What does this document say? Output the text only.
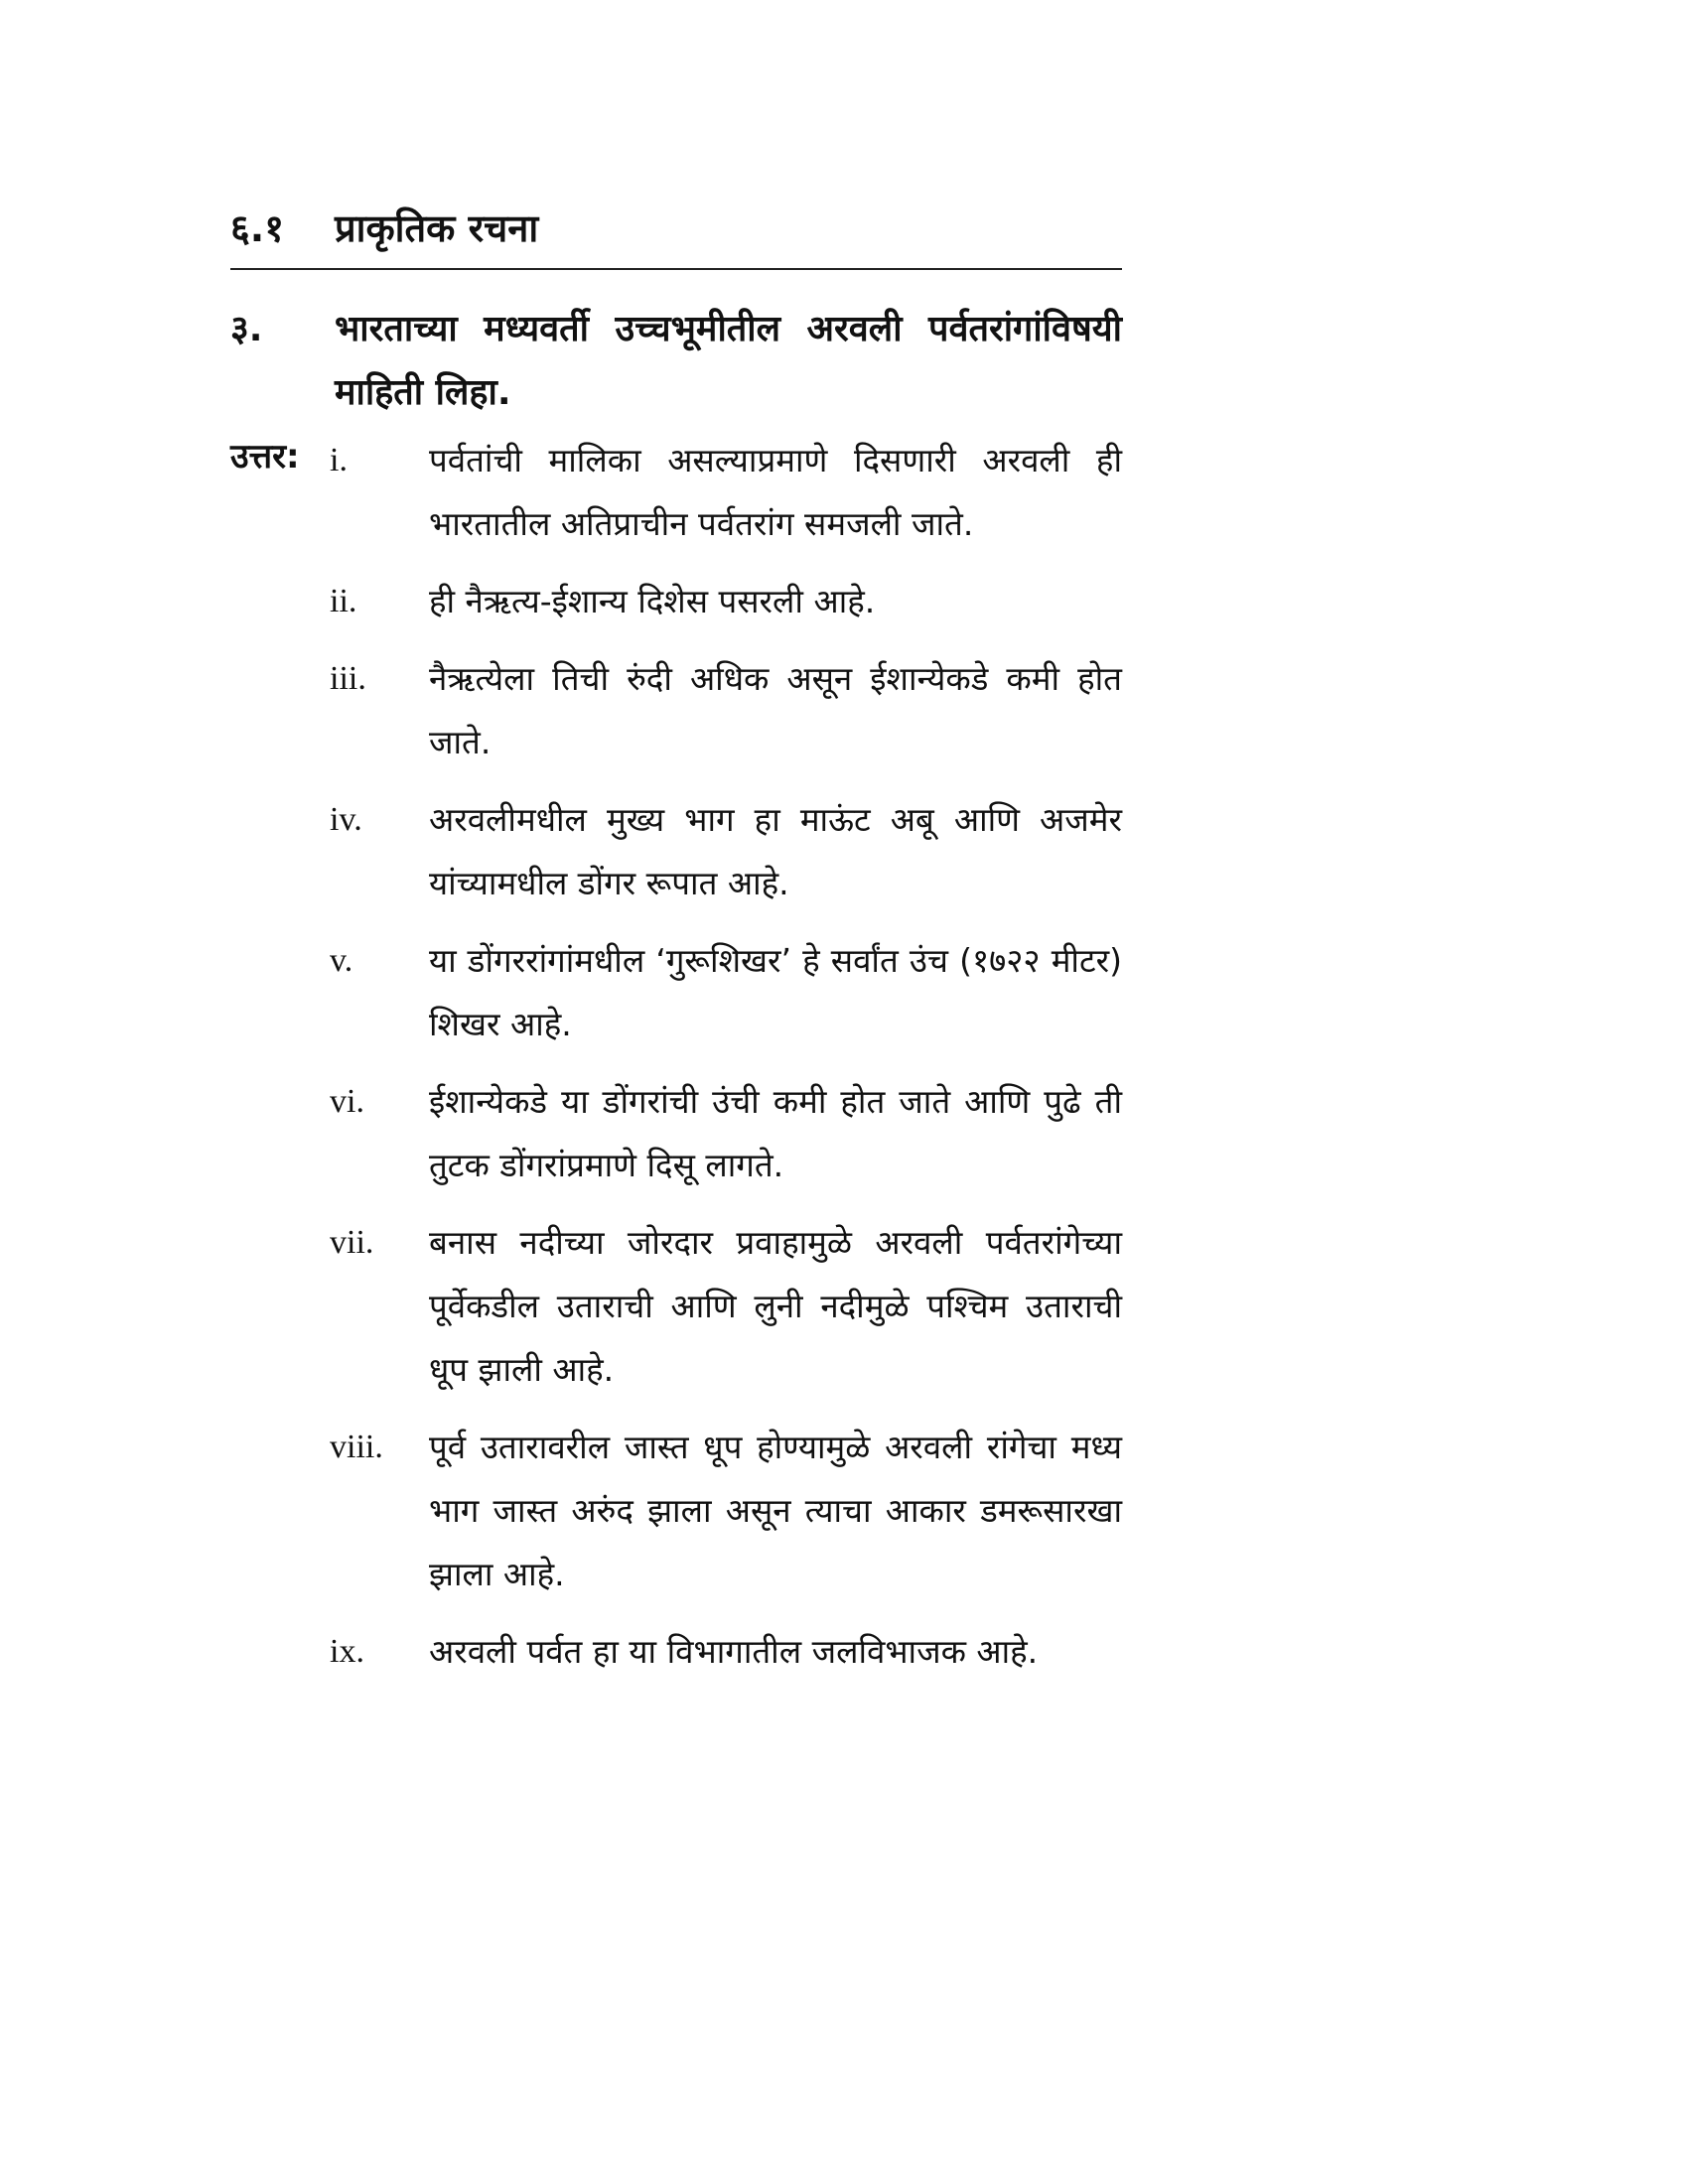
६.१ प्राकृतिक रचना
३. भारताच्या मध्यवर्ती उच्चभूमीतील अरवली पर्वतरांगांविषयी माहिती लिहा.
उत्तर: i. पर्वतांची मालिका असल्याप्रमाणे दिसणारी अरवली ही भारतातील अतिप्राचीन पर्वतरांग समजली जाते.
ii. ही नैऋत्य-ईशान्य दिशेस पसरली आहे.
iii. नैऋत्येला तिची रुंदी अधिक असून ईशान्येकडे कमी होत जाते.
iv. अरवलीमधील मुख्य भाग हा माऊंट अबू आणि अजमेर यांच्यामधील डोंगर रूपात आहे.
v. या डोंगररांगांमधील ‘गुरूशिखर’ हे सर्वांत उंच (१७२२ मीटर) शिखर आहे.
vi. ईशान्येकडे या डोंगरांची उंची कमी होत जाते आणि पुढे ती तुटक डोंगरांप्रमाणे दिसू लागते.
vii. बनास नदीच्या जोरदार प्रवाहामुळे अरवली पर्वतरांगेच्या पूर्वेकडील उताराची आणि लुनी नदीमुळे पश्चिम उताराची धूप झाली आहे.
viii. पूर्व उतारावरील जास्त धूप होण्यामुळे अरवली रांगेचा मध्य भाग जास्त अरुंद झाला असून त्याचा आकार डमरूसारखा झाला आहे.
ix. अरवली पर्वत हा या विभागातील जलविभाजक आहे.
